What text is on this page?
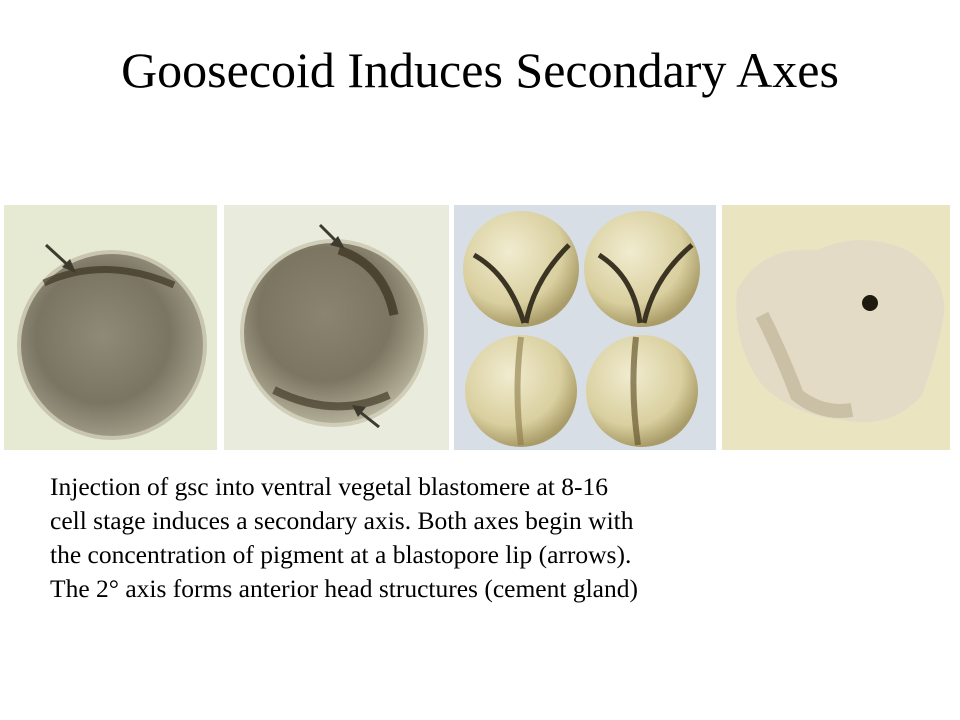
Goosecoid Induces Secondary Axes
Injection of gsc into ventral vegetal blastomere at 8-16
cell stage induces a secondary axis. Both axes begin with
the concentration of pigment at a blastopore lip (arrows).
The 2° axis forms anterior head structures (cement gland)
